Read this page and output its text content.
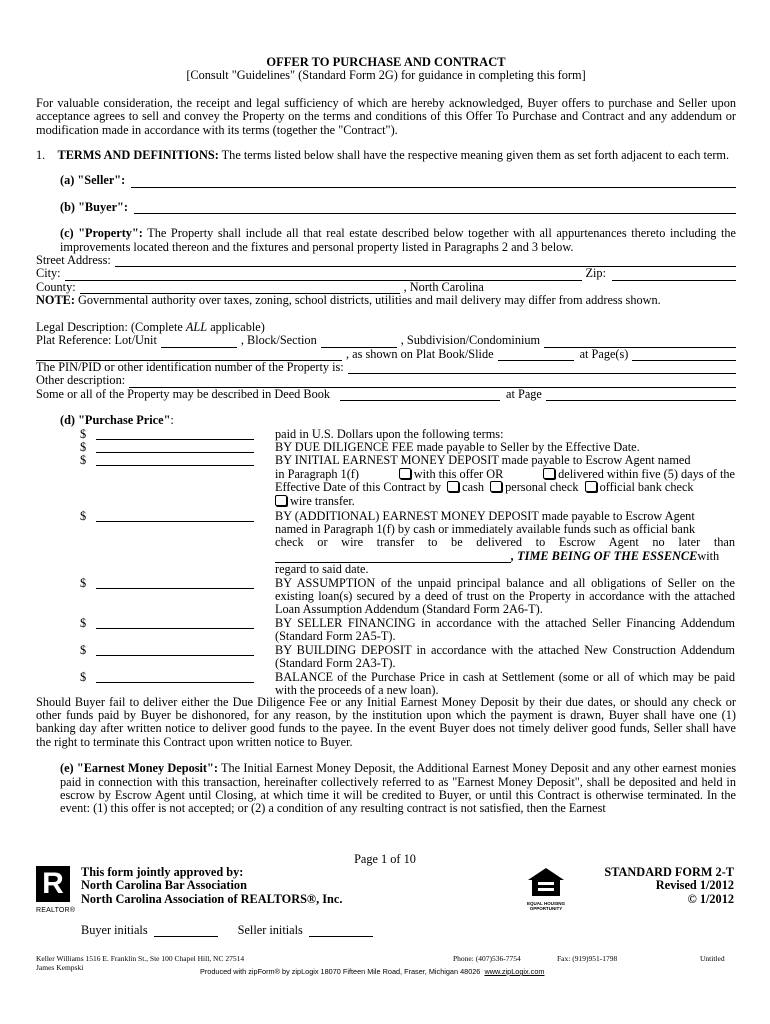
OFFER TO PURCHASE AND CONTRACT
[Consult "Guidelines" (Standard Form 2G) for guidance in completing this form]
For valuable consideration, the receipt and legal sufficiency of which are hereby acknowledged, Buyer offers to purchase and Seller upon acceptance agrees to sell and convey the Property on the terms and conditions of this Offer To Purchase and Contract and any addendum or modification made in accordance with its terms (together the "Contract").
1. TERMS AND DEFINITIONS: The terms listed below shall have the respective meaning given them as set forth adjacent to each term.
(a) "Seller":
(b) "Buyer":
(c) "Property": The Property shall include all that real estate described below together with all appurtenances thereto including the improvements located thereon and the fixtures and personal property listed in Paragraphs 2 and 3 below.
Street Address:
City:	Zip:
County:	, North Carolina
NOTE: Governmental authority over taxes, zoning, school districts, utilities and mail delivery may differ from address shown.
Legal Description: (Complete ALL applicable)
Plat Reference: Lot/Unit	, Block/Section	, Subdivision/Condominium
, as shown on Plat Book/Slide	at Page(s)
The PIN/PID or other identification number of the Property is:
Other description:
Some or all of the Property may be described in Deed Book	at Page
(d) "Purchase Price":
$	paid in U.S. Dollars upon the following terms:
$	BY DUE DILIGENCE FEE made payable to Seller by the Effective Date.
$	BY INITIAL EARNEST MONEY DEPOSIT made payable to Escrow Agent named
in Paragraph 1(f)	with this offer OR	delivered within five (5) days of the
Effective Date of this Contract by cash personal check official bank check
wire transfer.
$	BY (ADDITIONAL) EARNEST MONEY DEPOSIT made payable to Escrow Agent
named in Paragraph 1(f) by cash or immediately available funds such as official bank
check or wire transfer to be delivered to Escrow Agent no later than
, TIME BEING OF THE ESSENCE with
regard to said date.
$	BY ASSUMPTION of the unpaid principal balance and all obligations of Seller on the existing loan(s) secured by a deed of trust on the Property in accordance with the attached Loan Assumption Addendum (Standard Form 2A6-T).
$	BY SELLER FINANCING in accordance with the attached Seller Financing Addendum (Standard Form 2A5-T).
$	BY BUILDING DEPOSIT in accordance with the attached New Construction Addendum (Standard Form 2A3-T).
$	BALANCE of the Purchase Price in cash at Settlement (some or all of which may be paid with the proceeds of a new loan).
Should Buyer fail to deliver either the Due Diligence Fee or any Initial Earnest Money Deposit by their due dates, or should any check or other funds paid by Buyer be dishonored, for any reason, by the institution upon which the payment is drawn, Buyer shall have one (1) banking day after written notice to deliver good funds to the payee. In the event Buyer does not timely deliver good funds, Seller shall have the right to terminate this Contract upon written notice to Buyer.
(e) "Earnest Money Deposit": The Initial Earnest Money Deposit, the Additional Earnest Money Deposit and any other earnest monies paid in connection with this transaction, hereinafter collectively referred to as "Earnest Money Deposit", shall be deposited and held in escrow by Escrow Agent until Closing, at which time it will be credited to Buyer, or until this Contract is otherwise terminated. In the event: (1) this offer is not accepted; or (2) a condition of any resulting contract is not satisfied, then the Earnest
Page 1 of 10
R
REALTOR®
This form jointly approved by:
North Carolina Bar Association
North Carolina Association of REALTORS®, Inc.	EQUAL HOUSING OPPORTUNITY
STANDARD FORM 2-T
Revised 1/2012
© 1/2012
Buyer initials	Seller initials
Keller Williams 1516 E. Franklin St., Ste 100 Chapel Hill, NC 27514
James Kempski
Phone: (407)536-7754	Fax: (919)951-1798	Untitled
Produced with zipForm® by zipLogix 18070 Fifteen Mile Road, Fraser, Michigan 48026 www.zipLogix.com
